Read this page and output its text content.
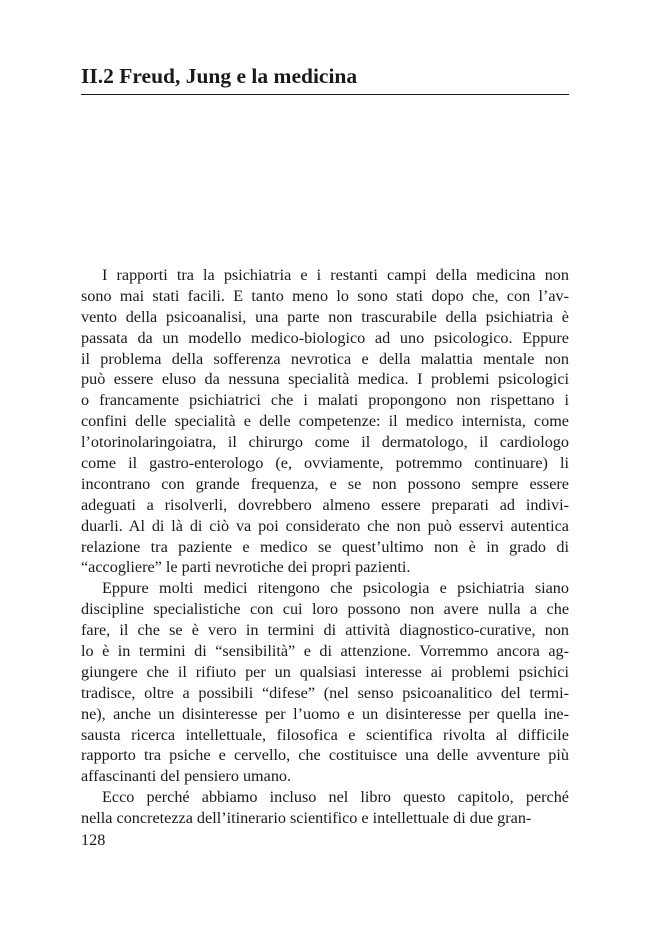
II.2 Freud, Jung e la medicina
I rapporti tra la psichiatria e i restanti campi della medicina non
sono mai stati facili. E tanto meno lo sono stati dopo che, con l’av-
vento della psicoanalisi, una parte non trascurabile della psichiatria è
passata da un modello medico-biologico ad uno psicologico. Eppure
il problema della sofferenza nevrotica e della malattia mentale non
può essere eluso da nessuna specialità medica. I problemi psicologici
o francamente psichiatrici che i malati propongono non rispettano i
confini delle specialità e delle competenze: il medico internista, come
l’otorinolaringoiatra, il chirurgo come il dermatologo, il cardiologo
come il gastro-enterologo (e, ovviamente, potremmo continuare) li
incontrano con grande frequenza, e se non possono sempre essere
adeguati a risolverli, dovrebbero almeno essere preparati ad indivi-
duarli. Al di là di ciò va poi considerato che non può esservi autentica
relazione tra paziente e medico se quest’ultimo non è in grado di
“accogliere” le parti nevrotiche dei propri pazienti.
Eppure molti medici ritengono che psicologia e psichiatria siano
discipline specialistiche con cui loro possono non avere nulla a che
fare, il che se è vero in termini di attività diagnostico-curative, non
lo è in termini di “sensibilità” e di attenzione. Vorremmo ancora ag-
giungere che il rifiuto per un qualsiasi interesse ai problemi psichici
tradisce, oltre a possibili “difese” (nel senso psicoanalitico del termi-
ne), anche un disinteresse per l’uomo e un disinteresse per quella ine-
sausta ricerca intellettuale, filosofica e scientifica rivolta al difficile
rapporto tra psiche e cervello, che costituisce una delle avventure più
affascinanti del pensiero umano.
Ecco perché abbiamo incluso nel libro questo capitolo, perché
nella concretezza dell’itinerario scientifico e intellettuale di due gran-
128
